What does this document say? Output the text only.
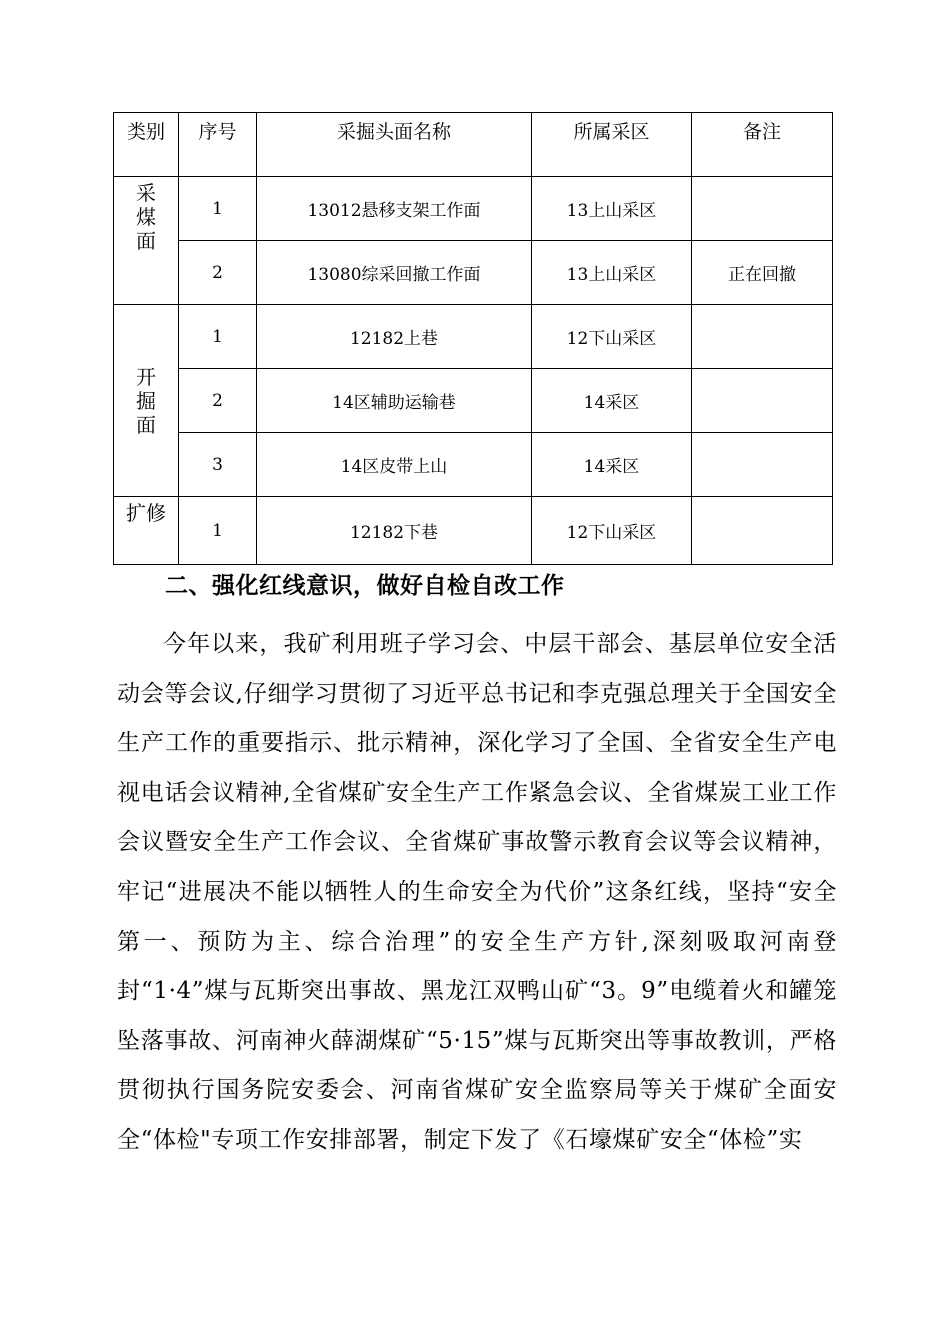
类别	序号	采掘头面名称	所属采区	备注
采煤面	1	13012悬移支架工作面	13上山采区	
	2	13080综采回撤工作面	13上山采区	正在回撤
开掘面	1	12182上巷	12下山采区	
	2	14区辅助运输巷	14采区	
	3	14区皮带上山	14采区	
扩修	1	12182下巷	12下山采区	
二、强化红线意识，做好自检自改工作
今年以来，我矿利用班子学习会、中层干部会、基层单位安全活动会等会议,仔细学习贯彻了习近平总书记和李克强总理关于全国安全生产工作的重要指示、批示精神，深化学习了全国、全省安全生产电视电话会议精神,全省煤矿安全生产工作紧急会议、全省煤炭工业工作会议暨安全生产工作会议、全省煤矿事故警示教育会议等会议精神，牢记“进展决不能以牺牲人的生命安全为代价”这条红线，坚持“安全第一、预防为主、综合治理”的安全生产方针,深刻吸取河南登封“1·4”煤与瓦斯突出事故、黑龙江双鸭山矿“3。9”电缆着火和罐笼坠落事故、河南神火薛湖煤矿“5·15”煤与瓦斯突出等事故教训，严格贯彻执行国务院安委会、河南省煤矿安全监察局等关于煤矿全面安全“体检"专项工作安排部署，制定下发了《石壕煤矿安全“体检”实
